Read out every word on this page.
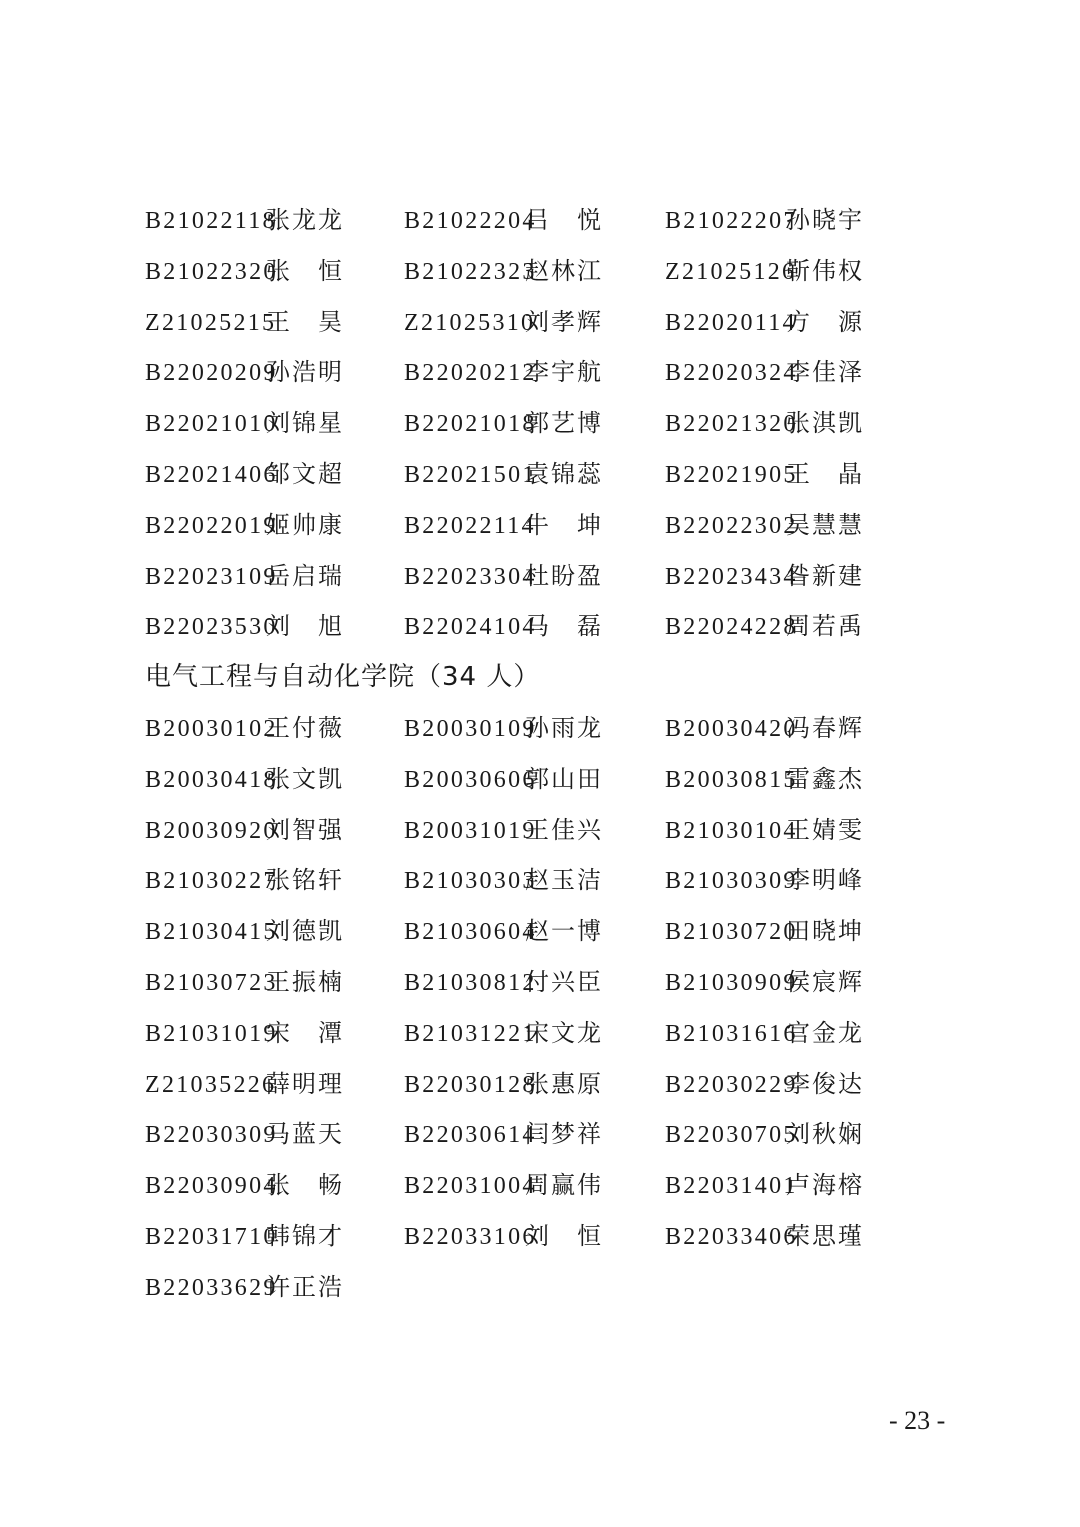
B21022118张龙龙	B21022204吕悦	B21022207孙晓宇
B21022320张恒	B21022323赵林江	Z21025126靳伟权
Z21025215王昊	Z21025310刘孝辉	B22020114方源
B22020209孙浩明	B22020212李宇航	B22020324李佳泽
B22021010刘锦星	B22021018郭艺博	B22021320张淇凯
B22021406邹文超	B22021501袁锦蕊	B22021905王晶
B22022019姬帅康	B22022114牛坤	B22022302吴慧慧
B22023109岳启瑞	B22023304杜盼盈	B22023434昝新建
B22023530刘旭	B22024104马磊	B22024228周若禹
电气工程与自动化学院（34 人）
B20030102王付薇	B20030109孙雨龙	B20030420冯春辉
B20030418张文凯	B20030606郭山田	B20030815雷鑫杰
B20030920刘智强	B20031019王佳兴	B21030104王婧雯
B21030227张铭轩	B21030303赵玉洁	B21030309李明峰
B21030415刘德凯	B21030604赵一博	B21030720田晓坤
B21030723王振楠	B21030812付兴臣	B21030909侯宸辉
B21031019宋潭	B21031221宋文龙	B21031616官金龙
Z21035226薛明理	B22030128张惠原	B22030229李俊达
B22030309马蓝天	B22030614闫梦祥	B22030705刘秋娴
B22030904张畅	B22031004周赢伟	B22031401卢海榕
B22031710韩锦才	B22033106刘恒	B22033406荣思瑾
B22033629许正浩
- 23 -
